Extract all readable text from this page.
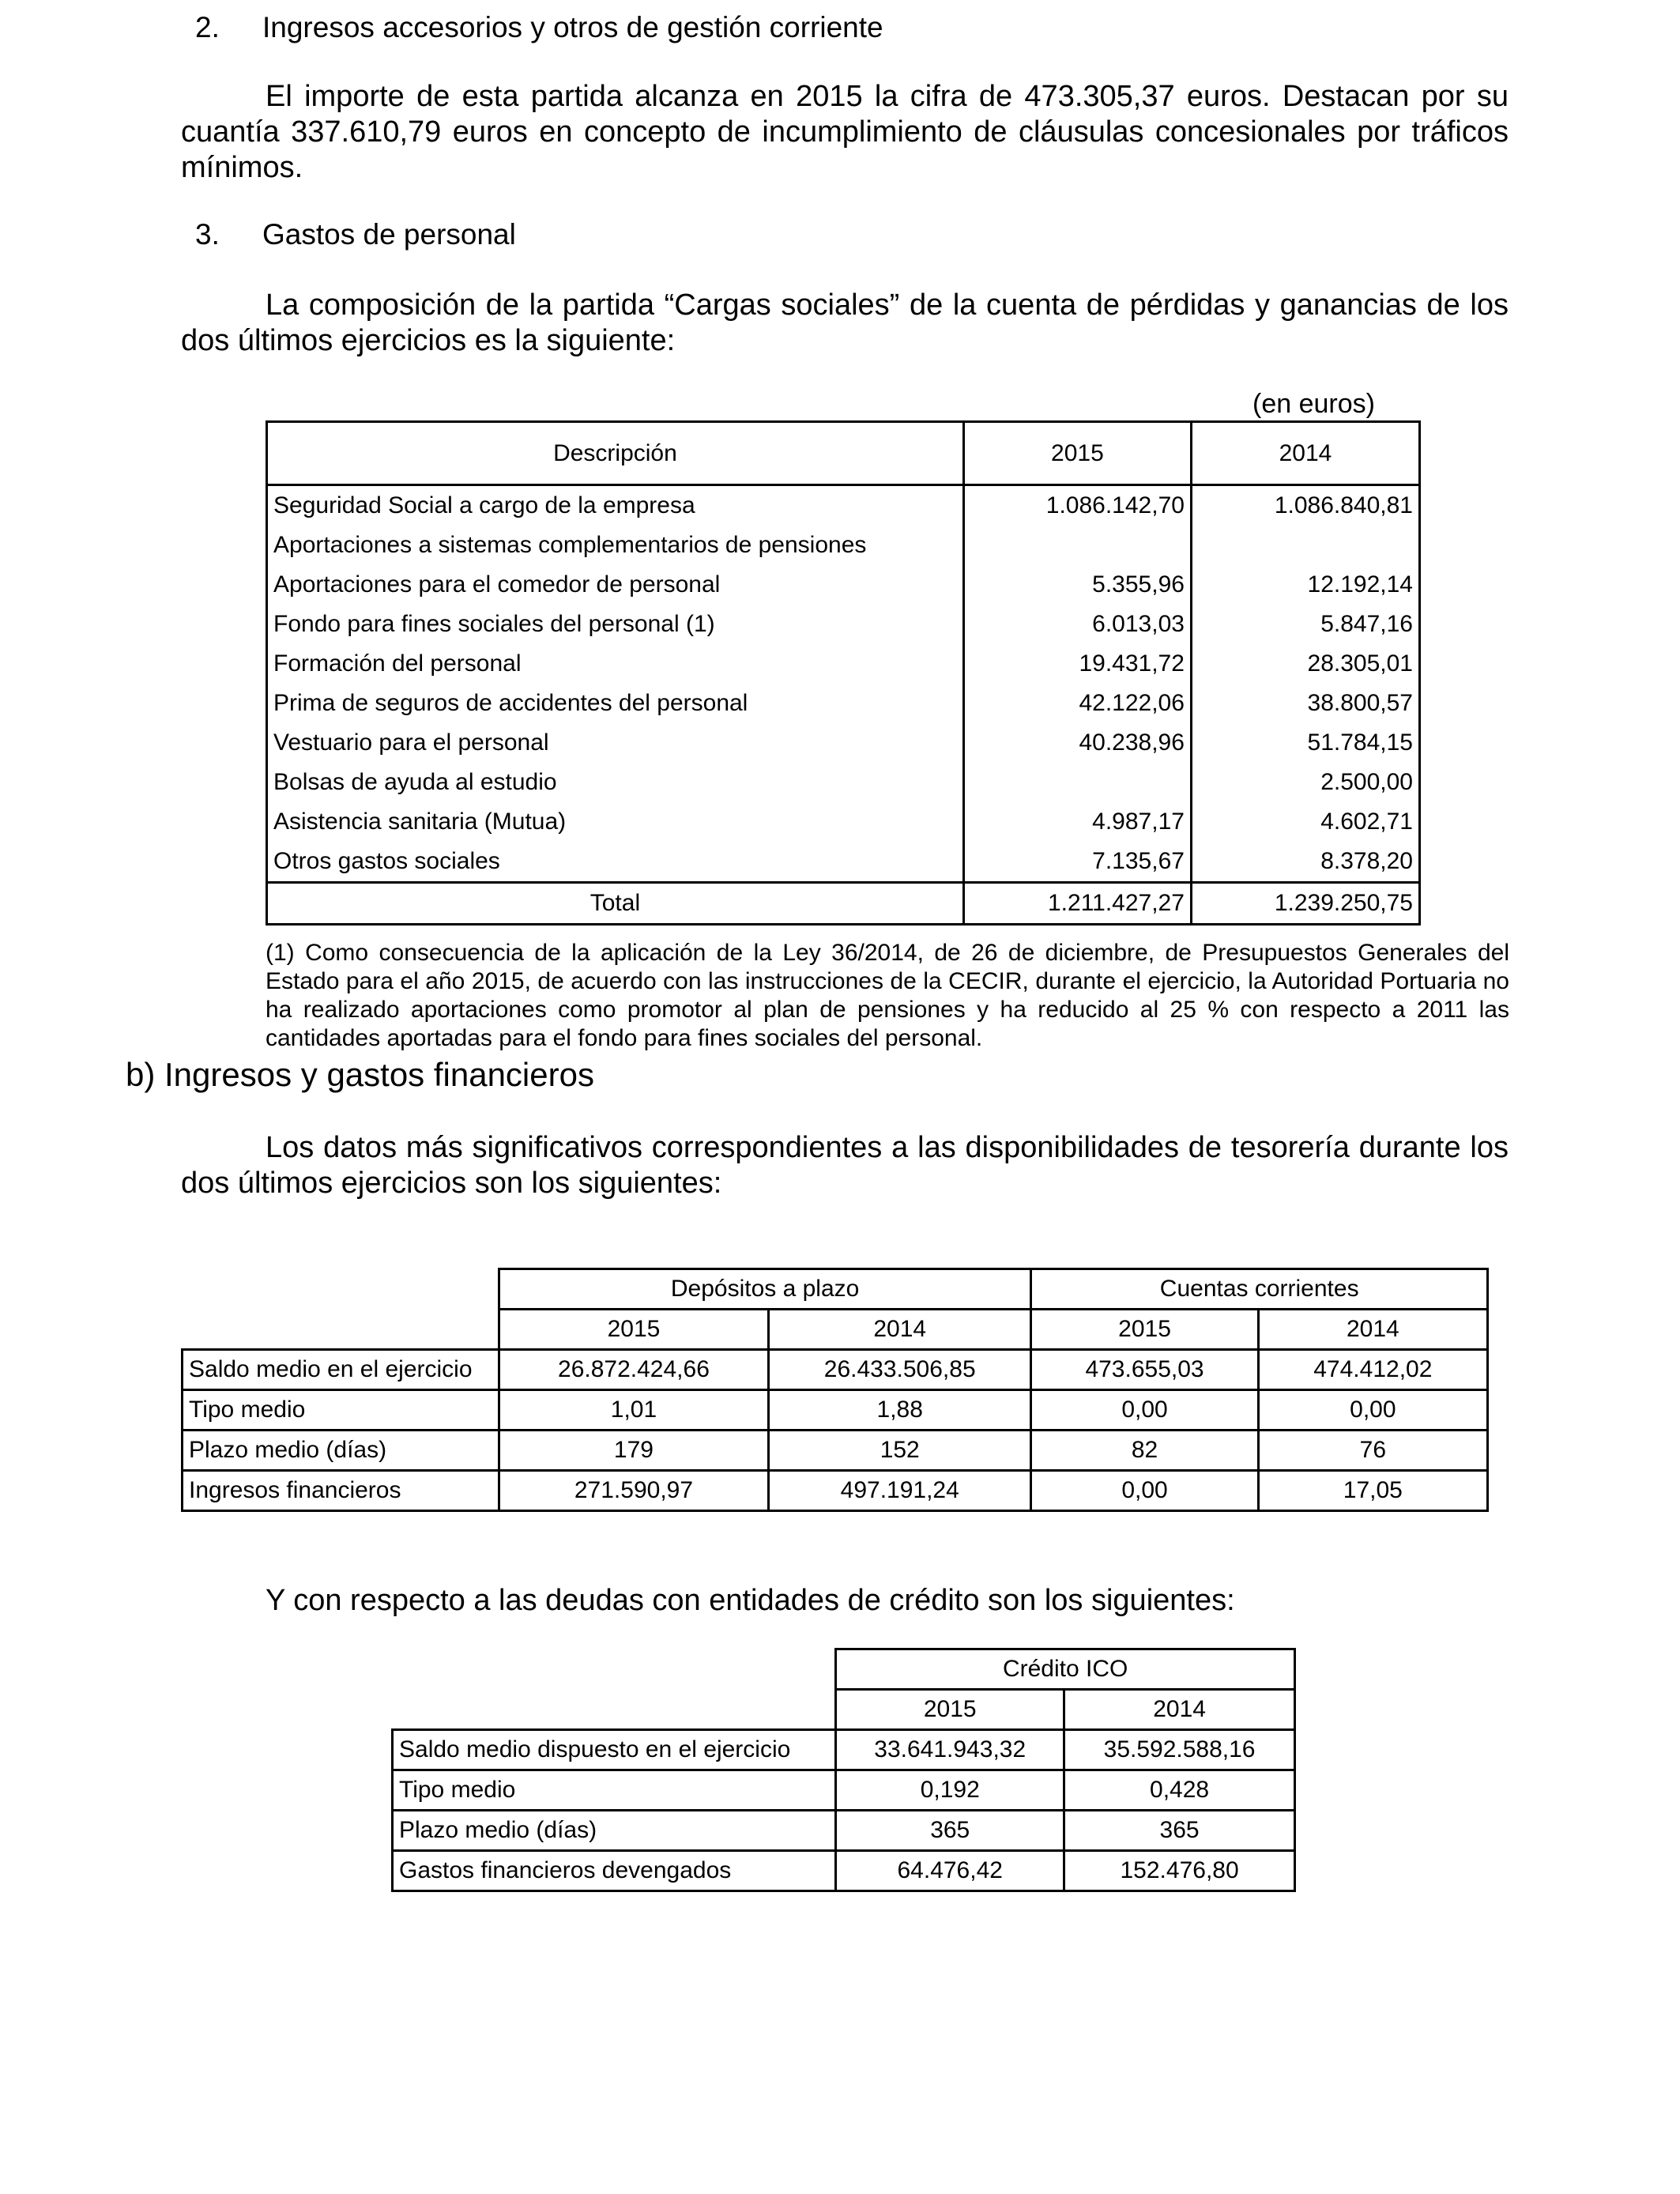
2. Ingresos accesorios y otros de gestión corriente
El importe de esta partida alcanza en 2015 la cifra de 473.305,37 euros. Destacan por su cuantía 337.610,79 euros en concepto de incumplimiento de cláusulas concesionales por tráficos mínimos.
3. Gastos de personal
La composición de la partida “Cargas sociales” de la cuenta de pérdidas y ganancias de los dos últimos ejercicios es la siguiente:
(en euros)
Descripción	2015	2014
Seguridad Social a cargo de la empresa	1.086.142,70	1.086.840,81
Aportaciones a sistemas complementarios de pensiones		
Aportaciones para el comedor de personal	5.355,96	12.192,14
Fondo para fines sociales del personal (1)	6.013,03	5.847,16
Formación del personal	19.431,72	28.305,01
Prima de seguros de accidentes del personal	42.122,06	38.800,57
Vestuario para el personal	40.238,96	51.784,15
Bolsas de ayuda al estudio		2.500,00
Asistencia sanitaria (Mutua)	4.987,17	4.602,71
Otros gastos sociales	7.135,67	8.378,20
Total	1.211.427,27	1.239.250,75
(1) Como consecuencia de la aplicación de la Ley 36/2014, de 26 de diciembre, de Presupuestos Generales del Estado para el año 2015, de acuerdo con las instrucciones de la CECIR, durante el ejercicio, la Autoridad Portuaria no ha realizado aportaciones como promotor al plan de pensiones y ha reducido al 25 % con respecto a 2011 las cantidades aportadas para el fondo para fines sociales del personal.
b) Ingresos y gastos financieros
Los datos más significativos correspondientes a las disponibilidades de tesorería durante los dos últimos ejercicios son los siguientes:
	Depósitos a plazo		Cuentas corrientes	
	2015	2014	2015	2014
Saldo medio en el ejercicio	26.872.424,66	26.433.506,85	473.655,03	474.412,02
Tipo medio	1,01	1,88	0,00	0,00
Plazo medio (días)	179	152	82	76
Ingresos financieros	271.590,97	497.191,24	0,00	17,05
Y con respecto a las deudas con entidades de crédito son los siguientes:
	Crédito ICO	
	2015	2014
Saldo medio dispuesto en el ejercicio	33.641.943,32	35.592.588,16
Tipo medio	0,192	0,428
Plazo medio (días)	365	365
Gastos financieros devengados	64.476,42	152.476,80
